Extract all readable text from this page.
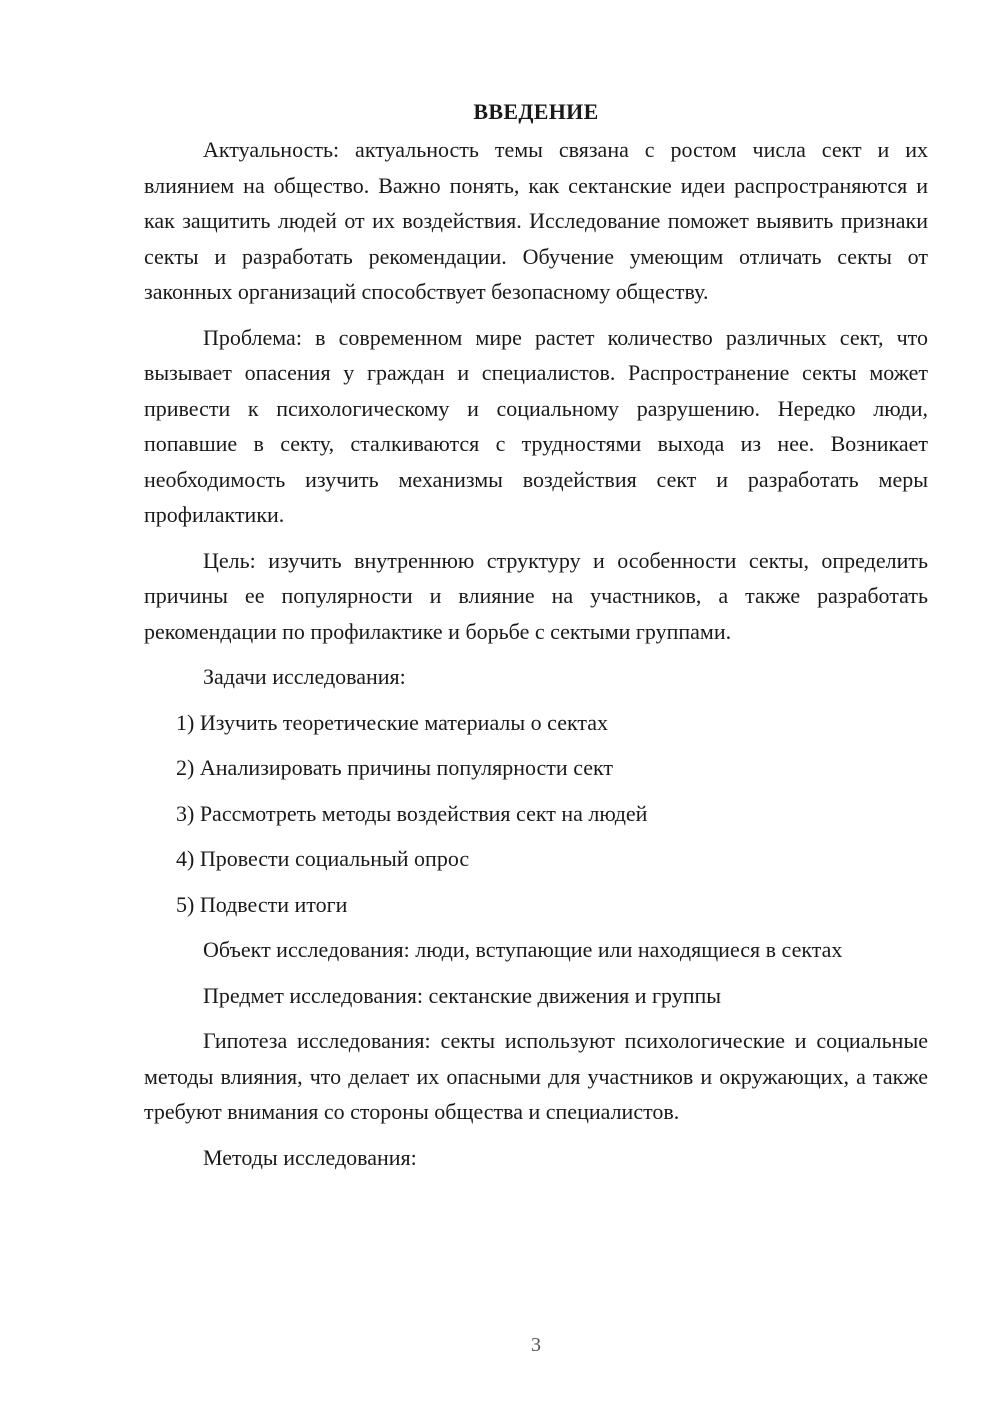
ВВЕДЕНИЕ

Актуальность: актуальность темы связана с ростом числа сект и их влиянием на общество. Важно понять, как сектанские идеи распространяются и как защитить людей от их воздействия. Исследование поможет выявить признаки секты и разработать рекомендации. Обучение умеющим отличать секты от законных организаций способствует безопасному обществу.

Проблема: в современном мире растет количество различных сект, что вызывает опасения у граждан и специалистов. Распространение секты может привести к психологическому и социальному разрушению. Нередко люди, попавшие в секту, сталкиваются с трудностями выхода из нее. Возникает необходимость изучить механизмы воздействия сект и разработать меры профилактики.

Цель: изучить внутреннюю структуру и особенности секты, определить причины ее популярности и влияние на участников, а также разработать рекомендации по профилактике и борьбе с сектыми группами.

Задачи исследования:

1) Изучить теоретические материалы о сектах
2) Анализировать причины популярности сект
3) Рассмотреть методы воздействия сект на людей
4) Провести социальный опрос
5) Подвести итоги

Объект исследования: люди, вступающие или находящиеся в сектах

Предмет исследования: сектанские движения и группы

Гипотеза исследования: секты используют психологические и социальные методы влияния, что делает их опасными для участников и окружающих, а также требуют внимания со стороны общества и специалистов.

Методы исследования:

3
